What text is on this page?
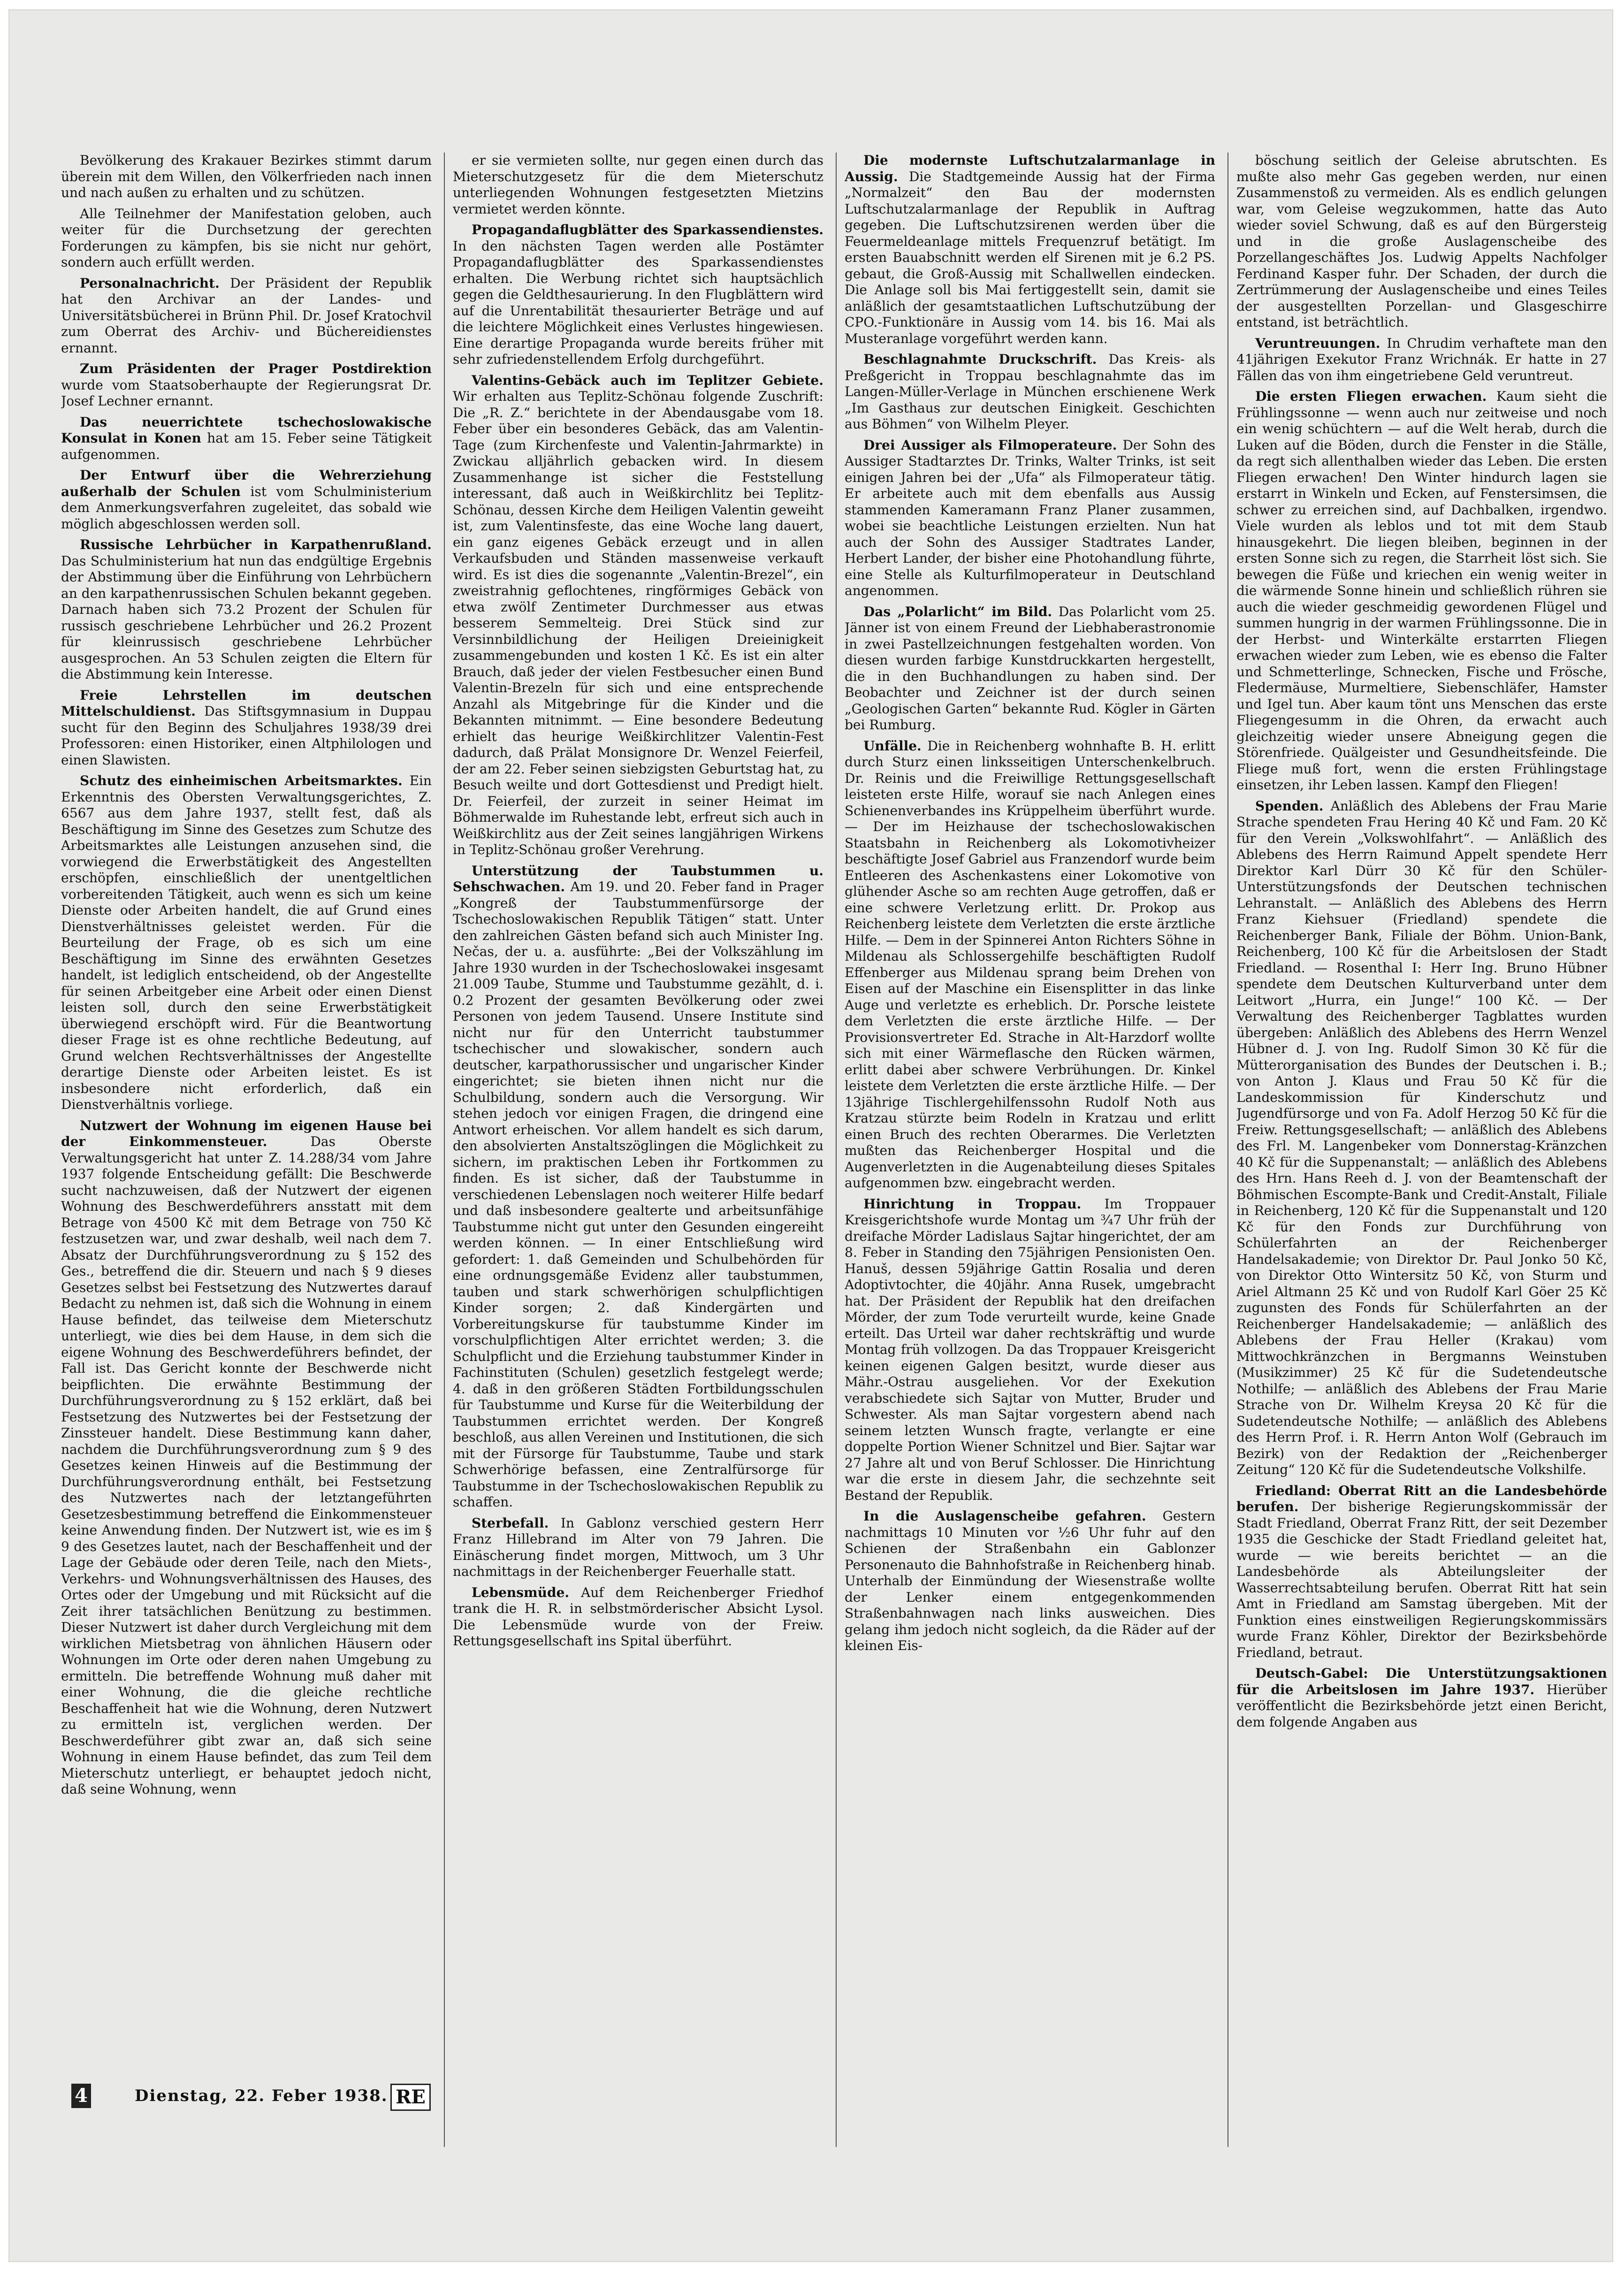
Bevölkerung des Krakauer Bezirkes stimmt darum überein mit dem Willen, den Völkerfrieden nach innen und nach außen zu erhalten und zu schützen.

Alle Teilnehmer der Manifestation geloben, auch weiter für die Durchsetzung der gerechten Forderungen zu kämpfen, bis sie nicht nur gehört, sondern auch erfüllt werden.

Personalnachricht. Der Präsident der Republik hat den Archivar an der Landes- und Universitätsbücherei in Brünn Phil. Dr. Josef Kratochvil zum Oberrat des Archiv- und Büchereidienstes ernannt.

Zum Präsidenten der Prager Postdirektion wurde vom Staatsoberhaupte der Regierungsrat Dr. Josef Lechner ernannt.

Das neuerrichtete tschechoslowakische Konsulat in Konen hat am 15. Feber seine Tätigkeit aufgenommen.

Der Entwurf über die Wehrerziehung außerhalb der Schulen ist vom Schulministerium dem Anmerkungsverfahren zugeleitet, das sobald wie möglich abgeschlossen werden soll.

Russische Lehrbücher in Karpathenrußland. Das Schulministerium hat nun das endgültige Ergebnis der Abstimmung über die Einführung von Lehrbüchern an den karpathenrussischen Schulen bekannt gegeben. Darnach haben sich 73.2 Prozent der Schulen für russisch geschriebene Lehrbücher und 26.2 Prozent für kleinrussisch geschriebene Lehrbücher ausgesprochen. An 53 Schulen zeigten die Eltern für die Abstimmung kein Interesse.

Freie Lehrstellen im deutschen Mittelschuldienst. Das Stiftsgymnasium in Duppau sucht für den Beginn des Schuljahres 1938/39 drei Professoren: einen Historiker, einen Altphilologen und einen Slawisten.

Schutz des einheimischen Arbeitsmarktes. Ein Erkenntnis des Obersten Verwaltungsgerichtes, Z. 6567 aus dem Jahre 1937, stellt fest, daß als Beschäftigung im Sinne des Gesetzes zum Schutze des Arbeitsmarktes alle Leistungen anzusehen sind, die vorwiegend die Erwerbstätigkeit des Angestellten erschöpfen, einschließlich der unentgeltlichen vorbereitenden Tätigkeit, auch wenn es sich um keine Dienste oder Arbeiten handelt, die auf Grund eines Dienstverhältnisses geleistet werden. Für die Beurteilung der Frage, ob es sich um eine Beschäftigung im Sinne des erwähnten Gesetzes handelt, ist lediglich entscheidend, ob der Angestellte für seinen Arbeitgeber eine Arbeit oder einen Dienst leisten soll, durch den seine Erwerbstätigkeit überwiegend erschöpft wird. Für die Beantwortung dieser Frage ist es ohne rechtliche Bedeutung, auf Grund welchen Rechtsverhältnisses der Angestellte derartige Dienste oder Arbeiten leistet. Es ist insbesondere nicht erforderlich, daß ein Dienstverhältnis vorliege.

Nutzwert der Wohnung im eigenen Hause bei der Einkommensteuer.	Das Oberste Verwaltungsgericht hat unter Z. 14.288/34 vom Jahre 1937 folgende Entscheidung gefällt: Die Beschwerde sucht nachzuweisen, daß der Nutzwert der eigenen Wohnung des Beschwerdeführers ansstatt mit dem Betrage von 4500 Kč mit dem Betrage von 750 Kč festzusetzen war, und zwar deshalb, weil nach dem 7. Absatz der Durchführungsverordnung zu § 152 des Ges., betreffend die dir. Steuern und nach § 9 dieses Gesetzes selbst bei Festsetzung des Nutzwertes darauf Bedacht zu nehmen ist, daß sich die Wohnung in einem Hause befindet, das teilweise dem Mieterschutz unterliegt, wie dies bei dem Hause, in dem sich die eigene Wohnung des Beschwerdeführers befindet, der Fall ist. Das Gericht konnte der Beschwerde nicht beipflichten. Die erwähnte Bestimmung der Durchführungsverordnung zu § 152 erklärt, daß bei Festsetzung des Nutzwertes bei der Festsetzung der Zinssteuer handelt. Diese Bestimmung kann daher, nachdem die Durchführungsverordnung zum § 9 des Gesetzes keinen Hinweis auf die Bestimmung der Durchführungsverordnung enthält, bei Festsetzung des Nutzwertes nach der letztangeführten Gesetzesbestimmung betreffend die Einkommensteuer keine Anwendung finden. Der Nutzwert ist, wie es im § 9 des Gesetzes lautet, nach der Beschaffenheit und der Lage der Gebäude oder deren Teile, nach den Miets-, Verkehrs- und Wohnungsverhältnissen des Hauses, des Ortes oder der Umgebung und mit Rücksicht auf die Zeit ihrer tatsächlichen Benützung zu bestimmen. Dieser Nutzwert ist daher durch Vergleichung mit dem wirklichen Mietsbetrag von ähnlichen Häusern oder Wohnungen im Orte oder deren nahen Umgebung zu ermitteln. Die betreffende Wohnung muß daher mit einer Wohnung, die die gleiche rechtliche Beschaffenheit hat wie die Wohnung, deren Nutzwert zu ermitteln ist, verglichen werden. Der Beschwerdeführer gibt zwar an, daß sich seine Wohnung in einem Hause befindet, das zum Teil dem Mieterschutz unterliegt, er behauptet jedoch nicht, daß seine Wohnung, wenn

er sie vermieten sollte, nur gegen einen durch das Mieterschutzgesetz für die dem Mieterschutz unterliegenden Wohnungen festgesetzten Mietzins vermietet werden könnte.

Propagandaflugblätter des Sparkassendienstes. In den nächsten Tagen werden alle Postämter Propagandaflugblätter des Sparkassendienstes erhalten. Die Werbung richtet sich hauptsächlich gegen die Geldthesaurierung. In den Flugblättern wird auf die Unrentabilität thesaurierter Beträge und auf die leichtere Möglichkeit eines Verlustes hingewiesen. Eine derartige Propaganda wurde bereits früher mit sehr zufriedenstellendem Erfolg durchgeführt.

Valentins-Gebäck auch im Teplitzer Gebiete. Wir erhalten aus Teplitz-Schönau folgende Zuschrift: Die „R. Z.“ berichtete in der Abendausgabe vom 18. Feber über ein besonderes Gebäck, das am Valentin-Tage (zum Kirchenfeste und Valentin-Jahrmarkte) in Zwickau alljährlich gebacken wird. In diesem Zusammenhange ist sicher die Feststellung interessant, daß auch in Weißkirchlitz bei Teplitz-Schönau, dessen Kirche dem Heiligen Valentin geweiht ist, zum Valentinsfeste, das eine Woche lang dauert, ein ganz eigenes Gebäck erzeugt und in allen Verkaufsbuden und Ständen massenweise verkauft wird. Es ist dies die sogenannte „Valentin-Brezel“, ein zweistrahnig geflochtenes, ringförmiges Gebäck von etwa zwölf Zentimeter Durchmesser aus etwas besserem Semmelteig. Drei Stück sind zur Versinnbildlichung der Heiligen Dreieinigkeit zusammengebunden und kosten 1 Kč. Es ist ein alter Brauch, daß jeder der vielen Festbesucher einen Bund Valentin-Brezeln für sich und eine entsprechende Anzahl als Mitgebringe für die Kinder und die Bekannten mitnimmt. — Eine besondere Bedeutung erhielt das heurige Weißkirchlitzer Valentin-Fest dadurch, daß Prälat Monsignore Dr. Wenzel Feierfeil, der am 22. Feber seinen siebzigsten Geburtstag hat, zu Besuch weilte und dort Gottesdienst und Predigt hielt. Dr. Feierfeil, der zurzeit in seiner Heimat im Böhmerwalde im Ruhestande lebt, erfreut sich auch in Weißkirchlitz aus der Zeit seines langjährigen Wirkens in Teplitz-Schönau großer Verehrung.

Unterstützung der Taubstummen u. Sehschwachen. Am 19. und 20. Feber fand in Prager „Kongreß der Taubstummenfürsorge der Tschechoslowakischen Republik Tätigen“ statt. Unter den zahlreichen Gästen befand sich auch Minister Ing. Nečas, der u. a. ausführte: „Bei der Volkszählung im Jahre 1930 wurden in der Tschechoslowakei insgesamt 21.009 Taube, Stumme und Taubstumme gezählt, d. i. 0.2 Prozent der gesamten Bevölkerung oder zwei Personen von jedem Tausend. Unsere Institute sind nicht nur für den Unterricht taubstummer tschechischer und slowakischer, sondern auch deutscher, karpathorussischer und ungarischer Kinder eingerichtet; sie bieten ihnen nicht nur die Schulbildung, sondern auch die Versorgung. Wir stehen jedoch vor einigen Fragen, die dringend eine Antwort erheischen. Vor allem handelt es sich darum, den absolvierten Anstaltszöglingen die Möglichkeit zu sichern, im praktischen Leben ihr Fortkommen zu finden. Es ist sicher, daß der Taubstumme in verschiedenen Lebenslagen noch weiterer Hilfe bedarf und daß insbesondere gealterte und arbeitsunfähige Taubstumme nicht gut unter den Gesunden eingereiht werden können. — In einer Entschließung wird gefordert: 1. daß Gemeinden und Schulbehörden für eine ordnungsgemäße Evidenz aller taubstummen, tauben und stark schwerhörigen schulpflichtigen Kinder sorgen; 2. daß Kindergärten und Vorbereitungskurse für taubstumme Kinder im vorschulpflichtigen Alter errichtet werden; 3. die Schulpflicht und die Erziehung taubstummer Kinder in Fachinstituten (Schulen) gesetzlich festgelegt werde; 4. daß in den größeren Städten Fortbildungsschulen für Taubstumme und Kurse für die Weiterbildung der Taubstummen errichtet werden. Der Kongreß beschloß, aus allen Vereinen und Institutionen, die sich mit der Fürsorge für Taubstumme, Taube und stark Schwerhörige befassen, eine Zentralfürsorge für Taubstumme in der Tschechoslowakischen Republik zu schaffen.

Sterbefall. In Gablonz verschied gestern Herr Franz Hillebrand im Alter von 79 Jahren. Die Einäscherung findet morgen, Mittwoch, um 3 Uhr nachmittags in der Reichenberger Feuerhalle statt.

Lebensmüde. Auf dem Reichenberger Friedhof trank die H. R. in selbstmörderischer Absicht Lysol. Die Lebensmüde wurde von der Freiw. Rettungsgesellschaft ins Spital überführt.

Die modernste Luftschutzalarmanlage in Aussig. Die Stadtgemeinde Aussig hat der Firma „Normalzeit“ den Bau der modernsten Luftschutzalarmanlage der Republik in Auftrag gegeben. Die Luftschutzsirenen werden über die Feuermeldeanlage mittels Frequenzruf betätigt. Im ersten Bauabschnitt werden elf Sirenen mit je 6.2 PS. gebaut, die Groß-Aussig mit Schallwellen eindecken. Die Anlage soll bis Mai fertiggestellt sein, damit sie anläßlich der gesamtstaatlichen Luftschutzübung der CPO.-Funktionäre in Aussig vom 14. bis 16. Mai als Musteranlage vorgeführt werden kann.

Beschlagnahmte Druckschrift. Das Kreis- als Preßgericht in Troppau beschlagnahmte das im Langen-Müller-Verlage in München erschienene Werk „Im Gasthaus zur deutschen Einigkeit. Geschichten aus Böhmen“ von Wilhelm Pleyer.

Drei Aussiger als Filmoperateure. Der Sohn des Aussiger Stadtarztes Dr. Trinks, Walter Trinks, ist seit einigen Jahren bei der „Ufa“ als Filmoperateur tätig. Er arbeitete auch mit dem ebenfalls aus Aussig stammenden Kameramann Franz Planer zusammen, wobei sie beachtliche Leistungen erzielten. Nun hat auch der Sohn des Aussiger Stadtrates Lander, Herbert Lander, der bisher eine Photohandlung führte, eine Stelle als Kulturfilmoperateur in Deutschland angenommen.

Das „Polarlicht“ im Bild. Das Polarlicht vom 25. Jänner ist von einem Freund der Liebhaberastronomie in zwei Pastellzeichnungen festgehalten worden. Von diesen wurden farbige Kunstdruckkarten hergestellt, die in den Buchhandlungen zu haben sind. Der Beobachter und Zeichner ist der durch seinen „Geologischen Garten“ bekannte Rud. Kögler in Gärten bei Rumburg.

Unfälle. Die in Reichenberg wohnhafte B. H. erlitt durch Sturz einen linksseitigen Unterschenkelbruch. Dr. Reinis und die Freiwillige Rettungsgesellschaft leisteten erste Hilfe, worauf sie nach Anlegen eines Schienenverbandes ins Krüppelheim überführt wurde. — Der im Heizhause der tschechoslowakischen Staatsbahn in Reichenberg als Lokomotivheizer beschäftigte Josef Gabriel aus Franzendorf wurde beim Entleeren des Aschenkastens einer Lokomotive von glühender Asche so am rechten Auge getroffen, daß er eine schwere Verletzung erlitt. Dr. Prokop aus Reichenberg leistete dem Verletzten die erste ärztliche Hilfe. — Dem in der Spinnerei Anton Richters Söhne in Mildenau als Schlossergehilfe beschäftigten Rudolf Effenberger aus Mildenau sprang beim Drehen von Eisen auf der Maschine ein Eisensplitter in das linke Auge und verletzte es erheblich. Dr. Porsche leistete dem Verletzten die erste ärztliche Hilfe. — Der Provisionsvertreter Ed. Strache in Alt-Harzdorf wollte sich mit einer Wärmeflasche den Rücken wärmen, erlitt dabei aber schwere Verbrühungen. Dr. Kinkel leistete dem Verletzten die erste ärztliche Hilfe. — Der 13jährige Tischlergehilfenssohn Rudolf Noth aus Kratzau stürzte beim Rodeln in Kratzau und erlitt einen Bruch des rechten Oberarmes. Die Verletzten mußten das Reichenberger Hospital und die Augenverletzten in die Augenabteilung dieses Spitales aufgenommen bzw. eingebracht werden.

Hinrichtung in Troppau. Im Troppauer Kreisgerichtshofe wurde Montag um ¾7 Uhr früh der dreifache Mörder Ladislaus Sajtar hingerichtet, der am 8. Feber in Standing den 75jährigen Pensionisten Oen. Hanuš, dessen 59jährige Gattin Rosalia und deren Adoptivtochter, die 40jähr. Anna Rusek, umgebracht hat. Der Präsident der Republik hat den dreifachen Mörder, der zum Tode verurteilt wurde, keine Gnade erteilt. Das Urteil war daher rechtskräftig und wurde Montag früh vollzogen. Da das Troppauer Kreisgericht keinen eigenen Galgen besitzt, wurde dieser aus Mähr.-Ostrau ausgeliehen. Vor der Exekution verabschiedete sich Sajtar von Mutter, Bruder und Schwester. Als man Sajtar vorgestern abend nach seinem letzten Wunsch fragte, verlangte er eine doppelte Portion Wiener Schnitzel und Bier. Sajtar war 27 Jahre alt und von Beruf Schlosser. Die Hinrichtung war die erste in diesem Jahr, die sechzehnte seit Bestand der Republik.

In die Auslagenscheibe gefahren. Gestern nachmittags 10 Minuten vor ½6 Uhr fuhr auf den Schienen der Straßenbahn ein Gablonzer Personenauto die Bahnhofstraße in Reichenberg hinab. Unterhalb der Einmündung der Wiesenstraße wollte der Lenker einem entgegenkommenden Straßenbahnwagen nach links ausweichen. Dies gelang ihm jedoch nicht sogleich, da die Räder auf der kleinen Eis-

böschung seitlich der Geleise abrutschten. Es mußte also mehr Gas gegeben werden, nur einen Zusammenstoß zu vermeiden. Als es endlich gelungen war, vom Geleise wegzukommen, hatte das Auto wieder soviel Schwung, daß es auf den Bürgersteig und in die große Auslagenscheibe des Porzellangeschäftes Jos. Ludwig Appelts Nachfolger Ferdinand Kasper fuhr. Der Schaden, der durch die Zertrümmerung der Auslagenscheibe und eines Teiles der ausgestellten Porzellan- und Glasgeschirre entstand, ist beträchtlich.

Veruntreuungen. In Chrudim verhaftete man den 41jährigen Exekutor Franz Wrichnák. Er hatte in 27 Fällen das von ihm eingetriebene Geld veruntreut.

Die ersten Fliegen erwachen. Kaum sieht die Frühlingssonne — wenn auch nur zeitweise und noch ein wenig schüchtern — auf die Welt herab, durch die Luken auf die Böden, durch die Fenster in die Ställe, da regt sich allenthalben wieder das Leben. Die ersten Fliegen erwachen! Den Winter hindurch lagen sie erstarrt in Winkeln und Ecken, auf Fenstersimsen, die schwer zu erreichen sind, auf Dachbalken, irgendwo. Viele wurden als leblos und tot mit dem Staub hinausgekehrt. Die liegen bleiben, beginnen in der ersten Sonne sich zu regen, die Starrheit löst sich. Sie bewegen die Füße und kriechen ein wenig weiter in die wärmende Sonne hinein und schließlich rühren sie auch die wieder geschmeidig gewordenen Flügel und summen hungrig in der warmen Frühlingssonne. Die in der Herbst- und Winterkälte erstarrten Fliegen erwachen wieder zum Leben, wie es ebenso die Falter und Schmetterlinge, Schnecken, Fische und Frösche, Fledermäuse, Murmeltiere, Siebenschläfer, Hamster und Igel tun. Aber kaum tönt uns Menschen das erste Fliegengesumm in die Ohren, da erwacht auch gleichzeitig wieder unsere Abneigung gegen die Störenfriede. Quälgeister und Gesundheitsfeinde. Die Fliege muß fort, wenn die ersten Frühlingstage einsetzen, ihr Leben lassen. Kampf den Fliegen!

Spenden. Anläßlich des Ablebens der Frau Marie Strache spendeten Frau Hering 40 Kč und Fam. 20 Kč für den Verein „Volkswohlfahrt“. — Anläßlich des Ablebens des Herrn Raimund Appelt spendete Herr Direktor Karl Dürr 30 Kč für den Schüler-Unterstützungsfonds der Deutschen technischen Lehranstalt. — Anläßlich des Ablebens des Herrn Franz Kiehsuer (Friedland) spendete die Reichenberger Bank, Filiale der Böhm. Union-Bank, Reichenberg, 100 Kč für die Arbeitslosen der Stadt Friedland. — Rosenthal I: Herr Ing. Bruno Hübner spendete dem Deutschen Kulturverband unter dem Leitwort „Hurra, ein Junge!“ 100 Kč. — Der Verwaltung des Reichenberger Tagblattes wurden übergeben: Anläßlich des Ablebens des Herrn Wenzel Hübner d. J. von Ing. Rudolf Simon 30 Kč für die Mütterorganisation des Bundes der Deutschen i. B.; von Anton J. Klaus und Frau 50 Kč für die Landeskommission für Kinderschutz und Jugendfürsorge und von Fa. Adolf Herzog 50 Kč für die Freiw. Rettungsgesellschaft; — anläßlich des Ablebens des Frl. M. Langenbeker vom Donnerstag-Kränzchen 40 Kč für die Suppenanstalt; — anläßlich des Ablebens des Hrn. Hans Reeh d. J. von der Beamtenschaft der Böhmischen Escompte-Bank und Credit-Anstalt, Filiale in Reichenberg, 120 Kč für die Suppenanstalt und 120 Kč für den Fonds zur Durchführung von Schülerfahrten an der Reichenberger Handelsakademie; von Direktor Dr. Paul Jonko 50 Kč, von Direktor Otto Wintersitz 50 Kč, von Sturm und Ariel Altmann 25 Kč und von Rudolf Karl Göer 25 Kč zugunsten des Fonds für Schülerfahrten an der Reichenberger Handelsakademie; — anläßlich des Ablebens der Frau Heller (Krakau) vom Mittwochkränzchen in Bergmanns Weinstuben (Musikzimmer) 25 Kč für die Sudetendeutsche Nothilfe; — anläßlich des Ablebens der Frau Marie Strache von Dr. Wilhelm Kreysa 20 Kč für die Sudetendeutsche Nothilfe; — anläßlich des Ablebens des Herrn Prof. i. R. Herrn Anton Wolf (Gebrauch im Bezirk) von der Redaktion der „Reichenberger Zeitung“ 120 Kč für die Sudetendeutsche Volkshilfe.

Friedland: Oberrat Ritt an die Landesbehörde berufen. Der bisherige Regierungskommissär der Stadt Friedland, Oberrat Franz Ritt, der seit Dezember 1935 die Geschicke der Stadt Friedland geleitet hat, wurde — wie bereits berichtet — an die Landesbehörde als Abteilungsleiter der Wasserrechtsabteilung berufen. Oberrat Ritt hat sein Amt in Friedland am Samstag übergeben. Mit der Funktion eines einstweiligen Regierungskommissärs wurde Franz Köhler, Direktor der Bezirksbehörde Friedland, betraut.

Deutsch-Gabel: Die Unterstützungsaktionen für die Arbeitslosen im Jahre 1937. Hierüber veröffentlicht die Bezirksbehörde jetzt einen Bericht, dem folgende Angaben aus

4	Dienstag, 22. Feber 1938. RE
